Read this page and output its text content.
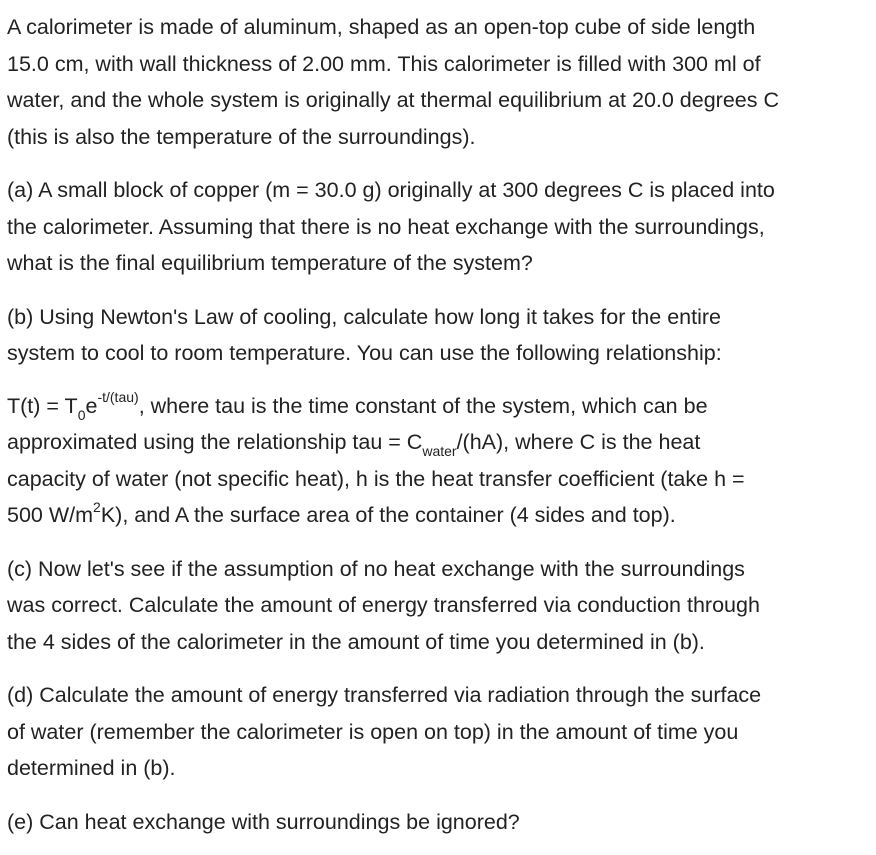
A calorimeter is made of aluminum, shaped as an open-top cube of side length
15.0 cm, with wall thickness of 2.00 mm. This calorimeter is filled with 300 ml of
water, and the whole system is originally at thermal equilibrium at 20.0 degrees C
(this is also the temperature of the surroundings).

(a) A small block of copper (m = 30.0 g) originally at 300 degrees C is placed into
the calorimeter. Assuming that there is no heat exchange with the surroundings,
what is the final equilibrium temperature of the system?

(b) Using Newton's Law of cooling, calculate how long it takes for the entire
system to cool to room temperature. You can use the following relationship:

$T(t) = T_0e^{-t/(tau)}$, where tau is the time constant of the system, which can be
approximated using the relationship tau = $C_{water}/(hA)$, where C is the heat
capacity of water (not specific heat), h is the heat transfer coefficient (take h =
500 $W/m^2K$), and A the surface area of the container (4 sides and top).

(c) Now let's see if the assumption of no heat exchange with the surroundings
was correct. Calculate the amount of energy transferred via conduction through
the 4 sides of the calorimeter in the amount of time you determined in (b).

(d) Calculate the amount of energy transferred via radiation through the surface
of water (remember the calorimeter is open on top) in the amount of time you
determined in (b).

(e) Can heat exchange with surroundings be ignored?
